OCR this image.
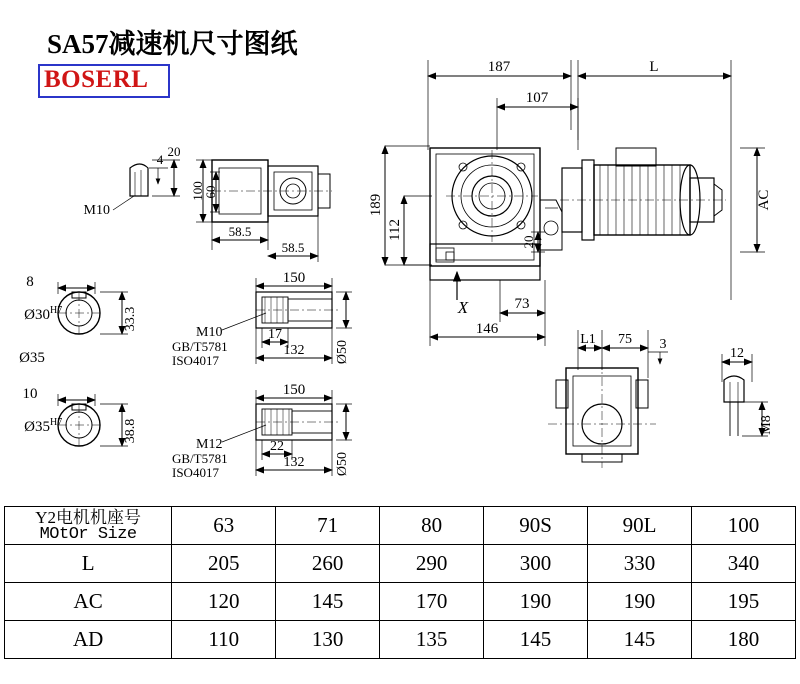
SA57减速机尺寸图纸
BOSERL	187	L
107
189
112
20
73
146
X
AC
20
4
M10
100
60
58.5
58.5
8
Ø30 H7	33.3
Ø35
10
Ø35 H7	38.8
150
17
132 Ø50
M10
GB/T5781
ISO4017
150
22
132 Ø50
M12
GB/T5781
ISO4017
L1 75 3
12
M8
Y2电机机座号
MOtOr Size	63	71	80	90S	90L	100
L	205	260	290	300	330	340
AC	120	145	170	190	190	195
AD	110	130	135	145	145	180
